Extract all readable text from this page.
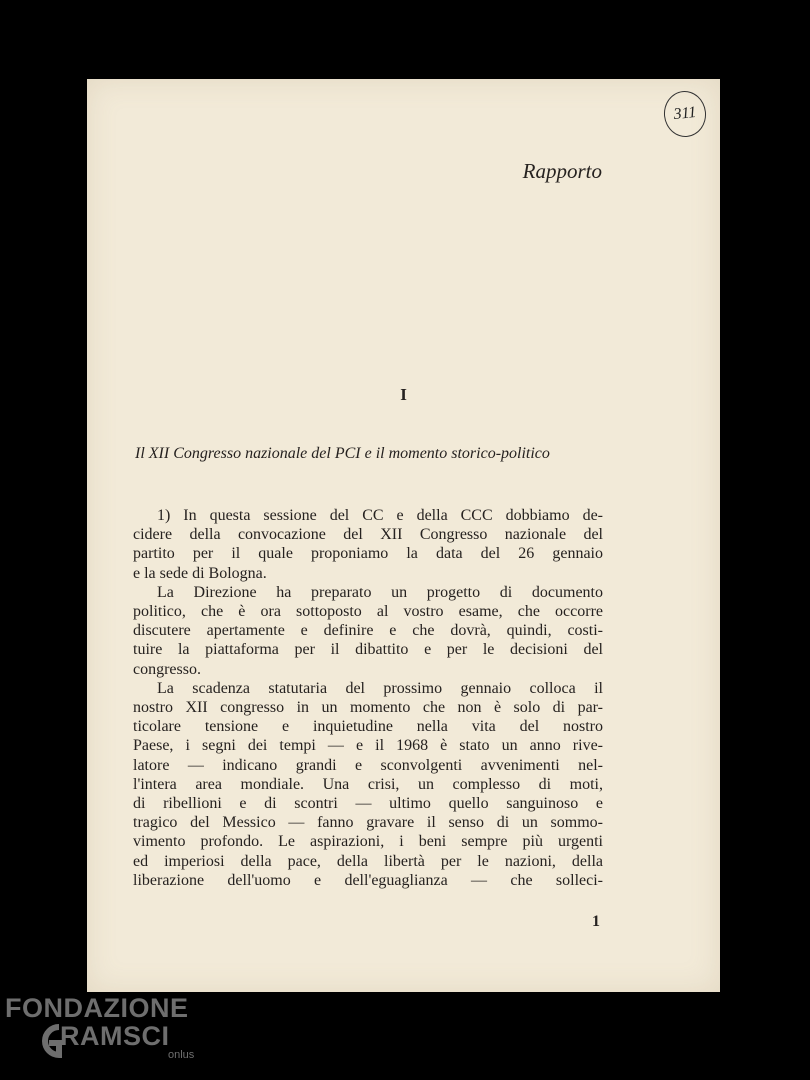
311
Rapporto
I
Il XII Congresso nazionale del PCI e il momento storico-politico
1) In questa sessione del CC e della CCC dobbiamo de-
cidere della convocazione del XII Congresso nazionale del
partito per il quale proponiamo la data del 26 gennaio
e la sede di Bologna.
La Direzione ha preparato un progetto di documento
politico, che è ora sottoposto al vostro esame, che occorre
discutere apertamente e definire e che dovrà, quindi, costi-
tuire la piattaforma per il dibattito e per le decisioni del
congresso.
La scadenza statutaria del prossimo gennaio colloca il
nostro XII congresso in un momento che non è solo di par-
ticolare tensione e inquietudine nella vita del nostro
Paese, i segni dei tempi — e il 1968 è stato un anno rive-
latore — indicano grandi e sconvolgenti avvenimenti nel-
l'intera area mondiale. Una crisi, un complesso di moti,
di ribellioni e di scontri — ultimo quello sanguinoso e
tragico del Messico — fanno gravare il senso di un sommo-
vimento profondo. Le aspirazioni, i beni sempre più urgenti
ed imperiosi della pace, della libertà per le nazioni, della
liberazione dell'uomo e dell'eguaglianza — che solleci-
1
FONDAZIONE
RAMSCI
onlus
